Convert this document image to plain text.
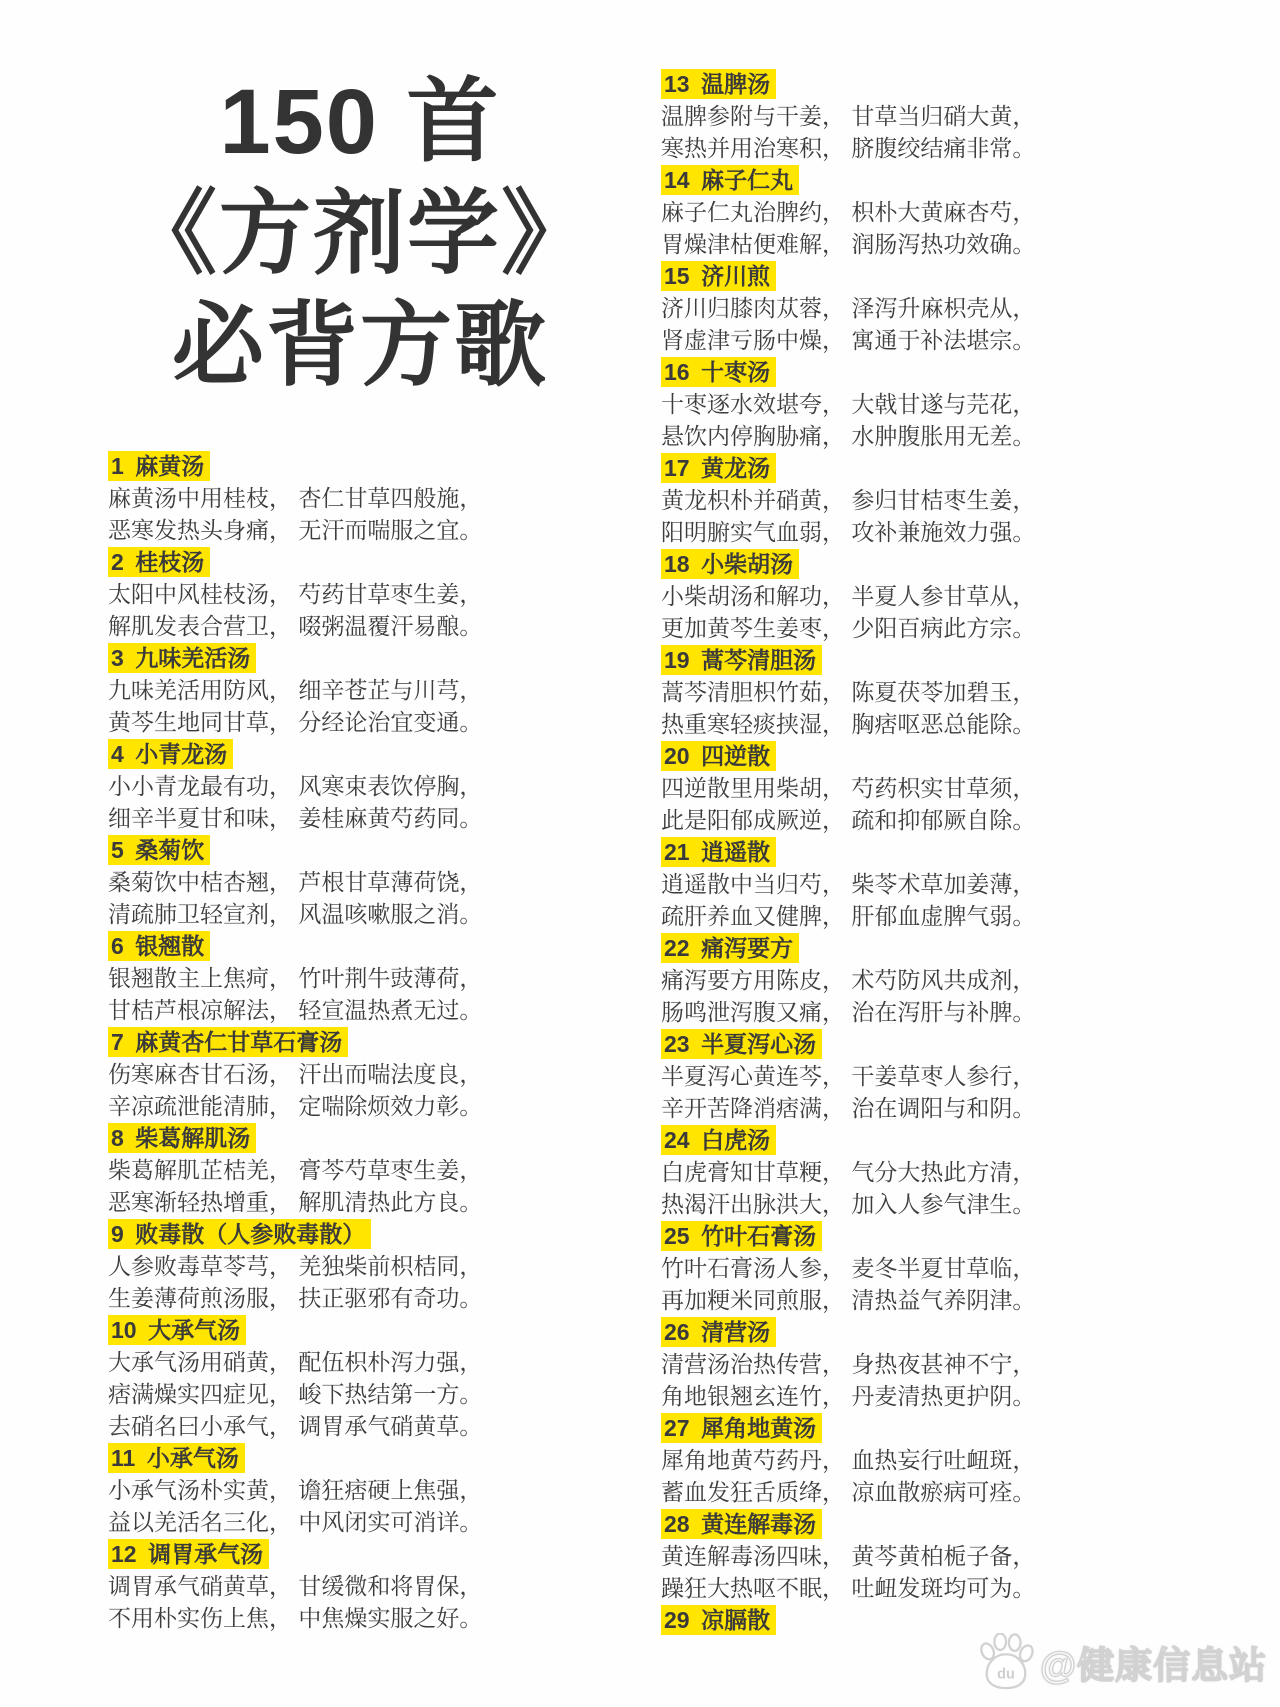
150 首
《方剂学》
必背方歌
1 麻黄汤
麻黄汤中用桂枝， 杏仁甘草四般施，
恶寒发热头身痛， 无汗而喘服之宜。
2 桂枝汤
太阳中风桂枝汤， 芍药甘草枣生姜，
解肌发表合营卫， 啜粥温覆汗易酿。
3 九味羌活汤
九味羌活用防风， 细辛苍芷与川芎，
黄芩生地同甘草， 分经论治宜变通。
4 小青龙汤
小小青龙最有功， 风寒束表饮停胸，
细辛半夏甘和味， 姜桂麻黄芍药同。
5 桑菊饮
桑菊饮中桔杏翘， 芦根甘草薄荷饶，
清疏肺卫轻宣剂， 风温咳嗽服之消。
6 银翘散
银翘散主上焦疴， 竹叶荆牛豉薄荷，
甘桔芦根凉解法， 轻宣温热煮无过。
7 麻黄杏仁甘草石膏汤
伤寒麻杏甘石汤， 汗出而喘法度良，
辛凉疏泄能清肺， 定喘除烦效力彰。
8 柴葛解肌汤
柴葛解肌芷桔羌， 膏芩芍草枣生姜，
恶寒渐轻热增重， 解肌清热此方良。
9 败毒散（人参败毒散）
人参败毒草苓芎， 羌独柴前枳桔同，
生姜薄荷煎汤服， 扶正驱邪有奇功。
10 大承气汤
大承气汤用硝黄， 配伍枳朴泻力强，
痞满燥实四症见， 峻下热结第一方。
去硝名曰小承气， 调胃承气硝黄草。
11 小承气汤
小承气汤朴实黄， 谵狂痞硬上焦强，
益以羌活名三化， 中风闭实可消详。
12 调胃承气汤
调胃承气硝黄草， 甘缓微和将胃保，
不用朴实伤上焦， 中焦燥实服之好。
13 温脾汤
温脾参附与干姜， 甘草当归硝大黄，
寒热并用治寒积， 脐腹绞结痛非常。
14 麻子仁丸
麻子仁丸治脾约， 枳朴大黄麻杏芍，
胃燥津枯便难解， 润肠泻热功效确。
15 济川煎
济川归膝肉苁蓉， 泽泻升麻枳壳从，
肾虚津亏肠中燥， 寓通于补法堪宗。
16 十枣汤
十枣逐水效堪夸， 大戟甘遂与芫花，
悬饮内停胸胁痛， 水肿腹胀用无差。
17 黄龙汤
黄龙枳朴并硝黄， 参归甘桔枣生姜，
阳明腑实气血弱， 攻补兼施效力强。
18 小柴胡汤
小柴胡汤和解功， 半夏人参甘草从，
更加黄芩生姜枣， 少阳百病此方宗。
19 蒿芩清胆汤
蒿芩清胆枳竹茹， 陈夏茯苓加碧玉，
热重寒轻痰挟湿， 胸痞呕恶总能除。
20 四逆散
四逆散里用柴胡， 芍药枳实甘草须，
此是阳郁成厥逆， 疏和抑郁厥自除。
21 逍遥散
逍遥散中当归芍， 柴苓术草加姜薄，
疏肝养血又健脾， 肝郁血虚脾气弱。
22 痛泻要方
痛泻要方用陈皮， 术芍防风共成剂，
肠鸣泄泻腹又痛， 治在泻肝与补脾。
23 半夏泻心汤
半夏泻心黄连芩， 干姜草枣人参行，
辛开苦降消痞满， 治在调阳与和阴。
24 白虎汤
白虎膏知甘草粳， 气分大热此方清，
热渴汗出脉洪大， 加入人参气津生。
25 竹叶石膏汤
竹叶石膏汤人参， 麦冬半夏甘草临，
再加粳米同煎服， 清热益气养阴津。
26 清营汤
清营汤治热传营， 身热夜甚神不宁，
角地银翘玄连竹， 丹麦清热更护阴。
27 犀角地黄汤
犀角地黄芍药丹， 血热妄行吐衄斑，
蓄血发狂舌质绛， 凉血散瘀病可痊。
28 黄连解毒汤
黄连解毒汤四味， 黄芩黄柏栀子备，
躁狂大热呕不眠， 吐衄发斑均可为。
29 凉膈散
du @健康信息站
